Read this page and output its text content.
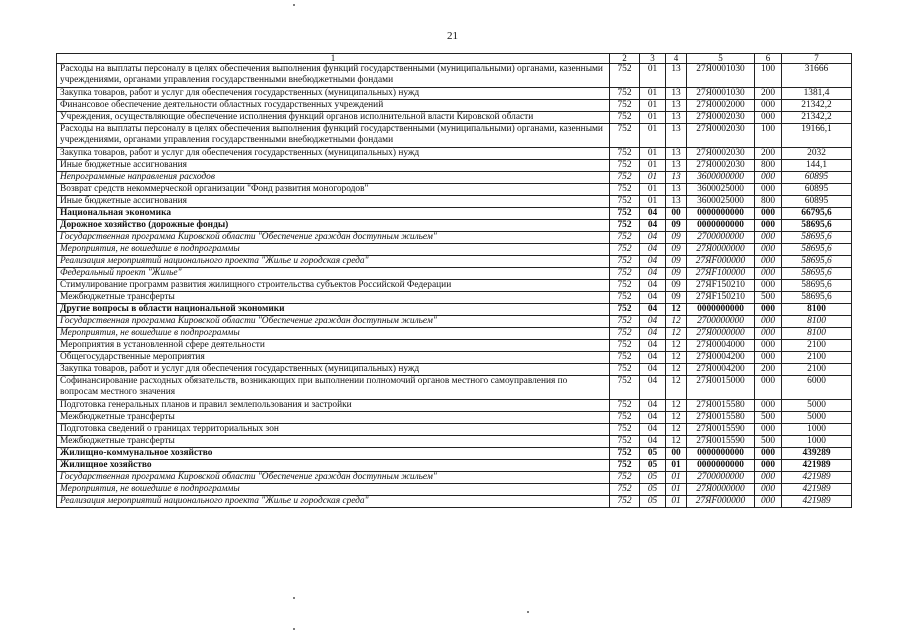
21
1	2	3	4	5	6	7
Расходы на выплаты персоналу в целях обеспечения выполнения функций государственными (муниципальными) органами, казенными учреждениями, органами управления государственными внебюджетными фондами	752	01	13	27Я0001030	100	31666
Закупка товаров, работ и услуг для обеспечения государственных (муниципальных) нужд	752	01	13	27Я0001030	200	1381,4
Финансовое обеспечение деятельности областных государственных учреждений	752	01	13	27Я0002000	000	21342,2
Учреждения, осуществляющие обеспечение исполнения функций органов исполнительной власти Кировской области	752	01	13	27Я0002030	000	21342,2
Расходы на выплаты персоналу в целях обеспечения выполнения функций государственными (муниципальными) органами, казенными учреждениями, органами управления государственными внебюджетными фондами	752	01	13	27Я0002030	100	19166,1
Закупка товаров, работ и услуг для обеспечения государственных (муниципальных) нужд	752	01	13	27Я0002030	200	2032
Иные бюджетные ассигнования	752	01	13	27Я0002030	800	144,1
Непрограммные направления расходов	752	01	13	3600000000	000	60895
Возврат средств некоммерческой организации "Фонд развития моногородов"	752	01	13	3600025000	000	60895
Иные бюджетные ассигнования	752	01	13	3600025000	800	60895
Национальная экономика	752	04	00	0000000000	000	66795,6
Дорожное хозяйство (дорожные фонды)	752	04	09	0000000000	000	58695,6
Государственная программа Кировской области "Обеспечение граждан доступным жильем"	752	04	09	2700000000	000	58695,6
Мероприятия, не вошедшие в подпрограммы	752	04	09	27Я0000000	000	58695,6
Реализация мероприятий национального проекта "Жилье и городская среда"	752	04	09	27ЯF000000	000	58695,6
Федеральный проект "Жилье"	752	04	09	27ЯF100000	000	58695,6
Стимулирование программ развития жилищного строительства субъектов Российской Федерации	752	04	09	27ЯF150210	000	58695,6
Межбюджетные трансферты	752	04	09	27ЯF150210	500	58695,6
Другие вопросы в области национальной экономики	752	04	12	0000000000	000	8100
Государственная программа Кировской области "Обеспечение граждан доступным жильем"	752	04	12	2700000000	000	8100
Мероприятия, не вошедшие в подпрограммы	752	04	12	27Я0000000	000	8100
Мероприятия в установленной сфере деятельности	752	04	12	27Я0004000	000	2100
Общегосударственные мероприятия	752	04	12	27Я0004200	000	2100
Закупка товаров, работ и услуг для обеспечения государственных (муниципальных) нужд	752	04	12	27Я0004200	200	2100
Софинансирование расходных обязательств, возникающих при выполнении полномочий органов местного самоуправления по вопросам местного значения	752	04	12	27Я0015000	000	6000
Подготовка генеральных планов и правил землепользования и застройки	752	04	12	27Я0015580	000	5000
Межбюджетные трансферты	752	04	12	27Я0015580	500	5000
Подготовка сведений о границах территориальных зон	752	04	12	27Я0015590	000	1000
Межбюджетные трансферты	752	04	12	27Я0015590	500	1000
Жилищно-коммунальное хозяйство	752	05	00	0000000000	000	439289
Жилищное хозяйство	752	05	01	0000000000	000	421989
Государственная программа Кировской области "Обеспечение граждан доступным жильем"	752	05	01	2700000000	000	421989
Мероприятия, не вошедшие в подпрограммы	752	05	01	27Я0000000	000	421989
Реализация мероприятий национального проекта "Жилье и городская среда"	752	05	01	27ЯF000000	000	421989
